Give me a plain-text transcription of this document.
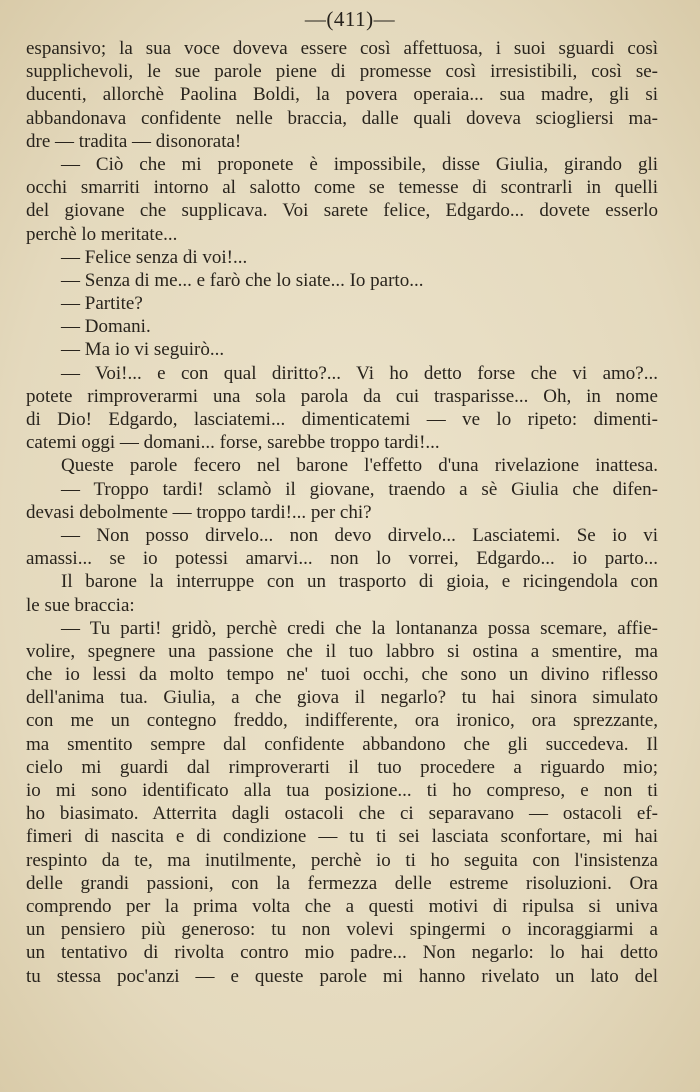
—(411)—
espansivo; la sua voce doveva essere così affettuosa, i suoi sguardi così
supplichevoli, le sue parole piene di promesse così irresistibili, così se-
ducenti, allorchè Paolina Boldi, la povera operaia... sua madre, gli si
abbandonava confidente nelle braccia, dalle quali doveva sciogliersi ma-
dre — tradita — disonorata!
— Ciò che mi proponete è impossibile, disse Giulia, girando gli
occhi smarriti intorno al salotto come se temesse di scontrarli in quelli
del giovane che supplicava. Voi sarete felice, Edgardo... dovete esserlo
perchè lo meritate...
— Felice senza di voi!...
— Senza di me... e farò che lo siate... Io parto...
— Partite?
— Domani.
— Ma io vi seguirò...
— Voi!... e con qual diritto?... Vi ho detto forse che vi amo?...
potete rimproverarmi una sola parola da cui trasparisse... Oh, in nome
di Dio! Edgardo, lasciatemi... dimenticatemi — ve lo ripeto: dimenti-
catemi oggi — domani... forse, sarebbe troppo tardi!...
Queste parole fecero nel barone l'effetto d'una rivelazione inattesa.
— Troppo tardi! sclamò il giovane, traendo a sè Giulia che difen-
devasi debolmente — troppo tardi!... per chi?
— Non posso dirvelo... non devo dirvelo... Lasciatemi. Se io vi
amassi... se io potessi amarvi... non lo vorrei, Edgardo... io parto...
Il barone la interruppe con un trasporto di gioia, e ricingendola con
le sue braccia:
— Tu parti! gridò, perchè credi che la lontananza possa scemare, affie-
volire, spegnere una passione che il tuo labbro si ostina a smentire, ma
che io lessi da molto tempo ne' tuoi occhi, che sono un divino riflesso
dell'anima tua. Giulia, a che giova il negarlo? tu hai sinora simulato
con me un contegno freddo, indifferente, ora ironico, ora sprezzante,
ma smentito sempre dal confidente abbandono che gli succedeva. Il
cielo mi guardi dal rimproverarti il tuo procedere a riguardo mio;
io mi sono identificato alla tua posizione... ti ho compreso, e non ti
ho biasimato. Atterrita dagli ostacoli che ci separavano — ostacoli ef-
fimeri di nascita e di condizione — tu ti sei lasciata sconfortare, mi hai
respinto da te, ma inutilmente, perchè io ti ho seguita con l'insistenza
delle grandi passioni, con la fermezza delle estreme risoluzioni. Ora
comprendo per la prima volta che a questi motivi di ripulsa si univa
un pensiero più generoso: tu non volevi spingermi o incoraggiarmi a
un tentativo di rivolta contro mio padre... Non negarlo: lo hai detto
tu stessa poc'anzi — e queste parole mi hanno rivelato un lato del
